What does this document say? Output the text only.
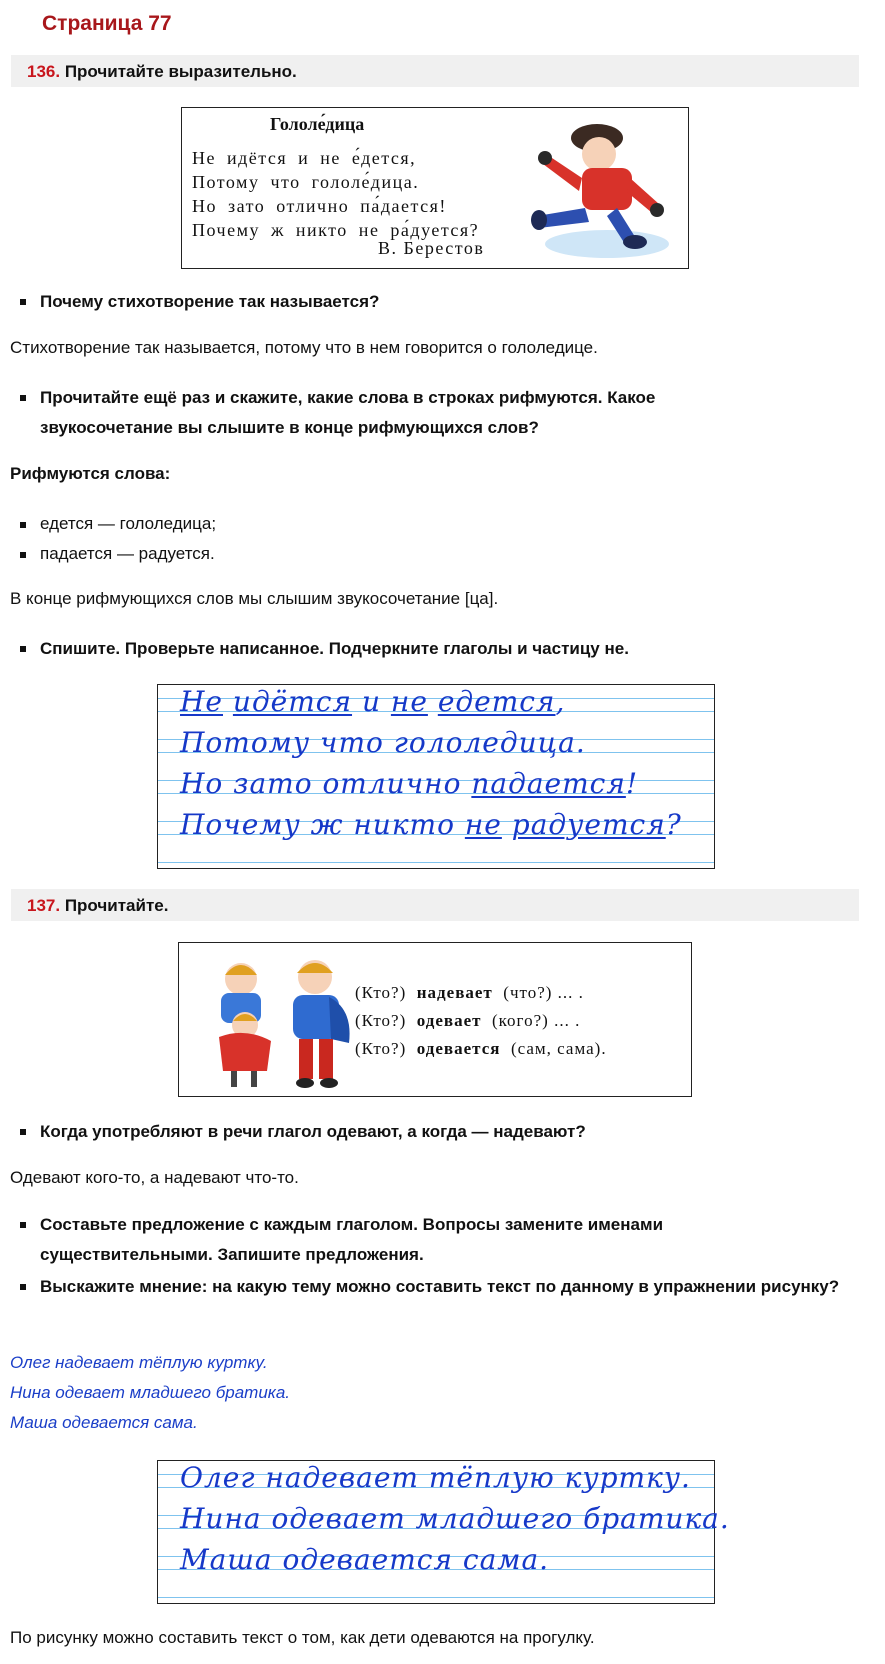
Страница 77
136. Прочитайте выразительно.
Гололе́дица
Не идётся и не е́дется,
Потому что гололе́дица.
Но зато отлично па́дается!
Почему ж никто не ра́дуется?
В. Берестов
Почему стихотворение так называется?
Стихотворение так называется, потому что в нем говорится о гололедице.
Прочитайте ещё раз и скажите, какие слова в строках рифмуются. Какое звукосочетание вы слышите в конце рифмующихся слов?
Рифмуются слова:
едется — гололедица;
падается — радуется.
В конце рифмующихся слов мы слышим звукосочетание [ца].
Спишите. Проверьте написанное. Подчеркните глаголы и частицу не.
Не идётся и не едется,
Потому что гололедица.
Но зато отлично падается!
Почему ж никто не радуется?
137. Прочитайте.
(Кто?) надевает (что?) ... .
(Кто?) одевает (кого?) ... .
(Кто?) одевается (сам, сама).
Когда употребляют в речи глагол одевают, а когда — надевают?
Одевают кого-то, а надевают что-то.
Составьте предложение с каждым глаголом. Вопросы замените именами существительными. Запишите предложения.
Выскажите мнение: на какую тему можно составить текст по данному в упражнении рисунку?
Олег надевает тёплую куртку.
Нина одевает младшего братика.
Маша одевается сама.
Олег надевает тёплую куртку.
Нина одевает младшего братика.
Маша одевается сама.
По рисунку можно составить текст о том, как дети одеваются на прогулку.
